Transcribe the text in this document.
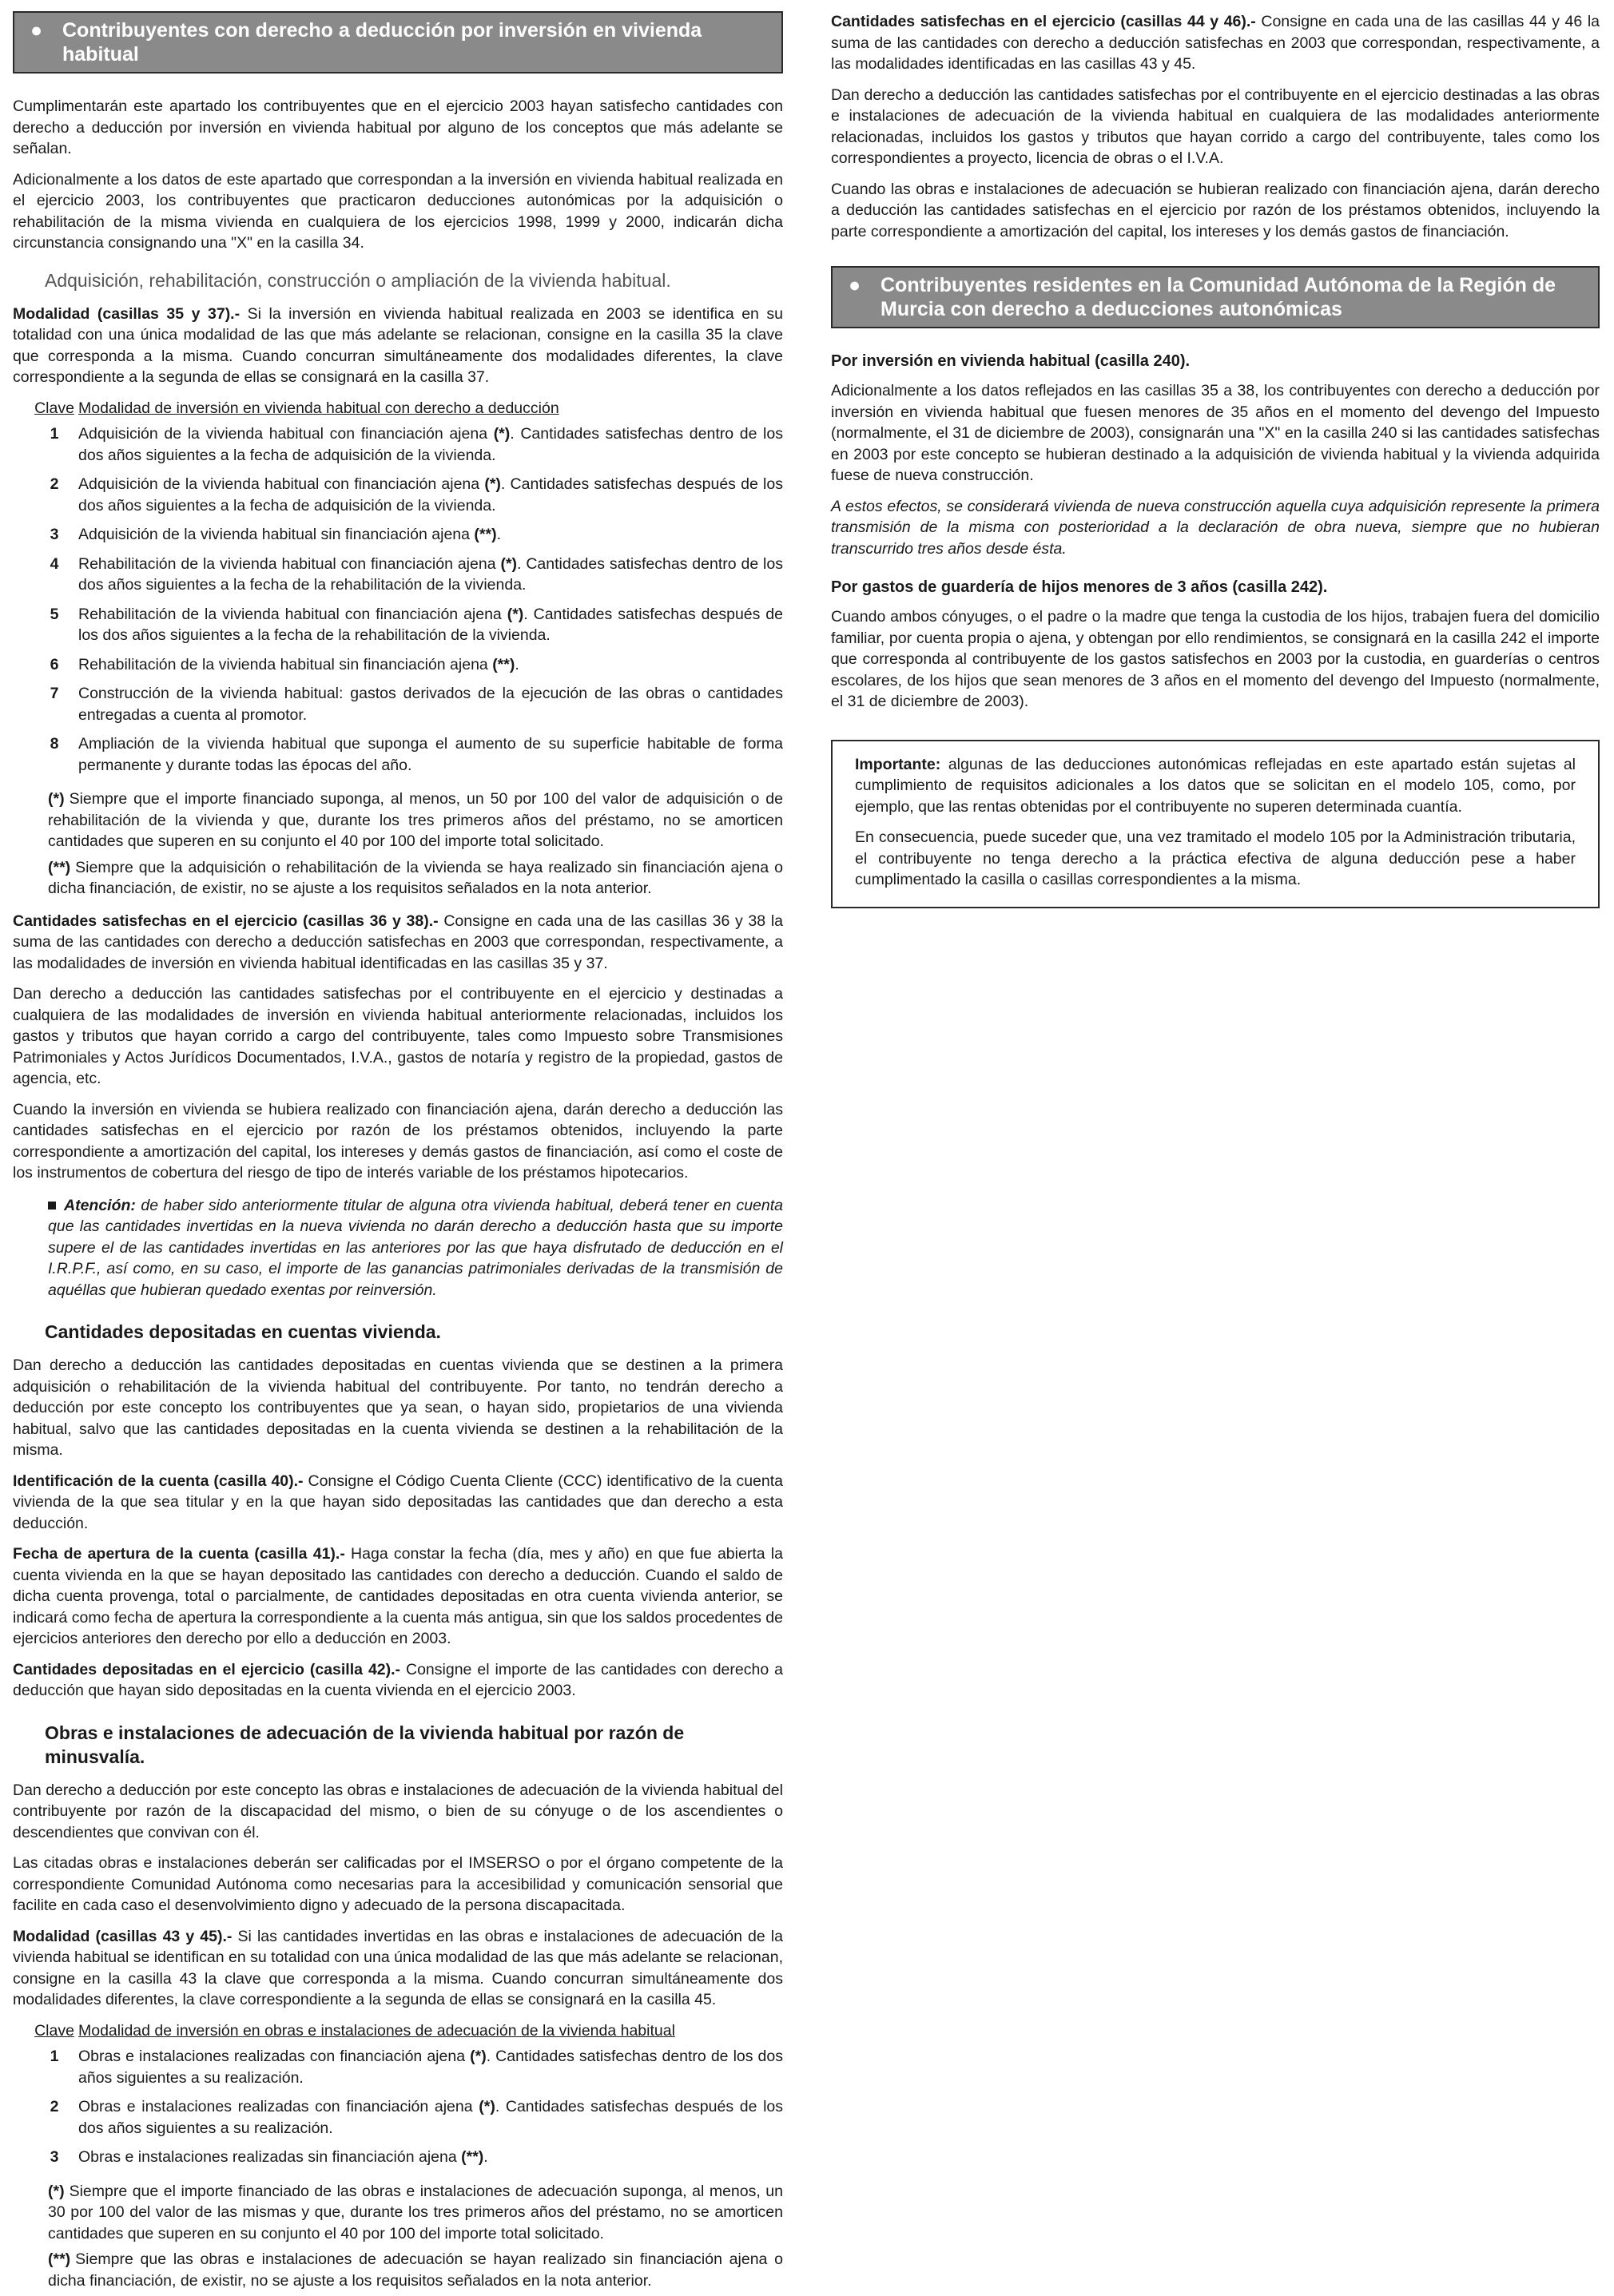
● Contribuyentes con derecho a deducción por inversión en vivienda habitual

Cumplimentarán este apartado los contribuyentes que en el ejercicio 2003 hayan satisfecho cantidades con derecho a deducción por inversión en vivienda habitual por alguno de los conceptos que más adelante se señalan.

Adicionalmente a los datos de este apartado que correspondan a la inversión en vivienda habitual realizada en el ejercicio 2003, los contribuyentes que practicaron deducciones autonómicas por la adquisición o rehabilitación de la misma vivienda en cualquiera de los ejercicios 1998, 1999 y 2000, indicarán dicha circunstancia consignando una "X" en la casilla 34.

Adquisición, rehabilitación, construcción o ampliación de la vivienda habitual.

Modalidad (casillas 35 y 37).- Si la inversión en vivienda habitual realizada en 2003 se identifica en su totalidad con una única modalidad de las que más adelante se relacionan, consigne en la casilla 35 la clave que corresponda a la misma. Cuando concurran simultáneamente dos modalidades diferentes, la clave correspondiente a la segunda de ellas se consignará en la casilla 37.

Clave	Modalidad de inversión en vivienda habitual con derecho a deducción
1	Adquisición de la vivienda habitual con financiación ajena (*). Cantidades satisfechas dentro de los dos años siguientes a la fecha de adquisición de la vivienda.
2	Adquisición de la vivienda habitual con financiación ajena (*). Cantidades satisfechas después de los dos años siguientes a la fecha de adquisición de la vivienda.
3	Adquisición de la vivienda habitual sin financiación ajena (**).
4	Rehabilitación de la vivienda habitual con financiación ajena (*). Cantidades satisfechas dentro de los dos años siguientes a la fecha de la rehabilitación de la vivienda.
5	Rehabilitación de la vivienda habitual con financiación ajena (*). Cantidades satisfechas después de los dos años siguientes a la fecha de la rehabilitación de la vivienda.
6	Rehabilitación de la vivienda habitual sin financiación ajena (**).
7	Construcción de la vivienda habitual: gastos derivados de la ejecución de las obras o cantidades entregadas a cuenta al promotor.
8	Ampliación de la vivienda habitual que suponga el aumento de su superficie habitable de forma permanente y durante todas las épocas del año.

(*) Siempre que el importe financiado suponga, al menos, un 50 por 100 del valor de adquisición o de rehabilitación de la vivienda y que, durante los tres primeros años del préstamo, no se amorticen cantidades que superen en su conjunto el 40 por 100 del importe total solicitado.

(**) Siempre que la adquisición o rehabilitación de la vivienda se haya realizado sin financiación ajena o dicha financiación, de existir, no se ajuste a los requisitos señalados en la nota anterior.

Cantidades satisfechas en el ejercicio (casillas 36 y 38).- Consigne en cada una de las casillas 36 y 38 la suma de las cantidades con derecho a deducción satisfechas en 2003 que correspondan, respectivamente, a las modalidades de inversión en vivienda habitual identificadas en las casillas 35 y 37.

Dan derecho a deducción las cantidades satisfechas por el contribuyente en el ejercicio y destinadas a cualquiera de las modalidades de inversión en vivienda habitual anteriormente relacionadas, incluidos los gastos y tributos que hayan corrido a cargo del contribuyente, tales como Impuesto sobre Transmisiones Patrimoniales y Actos Jurídicos Documentados, I.V.A., gastos de notaría y registro de la propiedad, gastos de agencia, etc.

Cuando la inversión en vivienda se hubiera realizado con financiación ajena, darán derecho a deducción las cantidades satisfechas en el ejercicio por razón de los préstamos obtenidos, incluyendo la parte correspondiente a amortización del capital, los intereses y demás gastos de financiación, así como el coste de los instrumentos de cobertura del riesgo de tipo de interés variable de los préstamos hipotecarios.

Atención: de haber sido anteriormente titular de alguna otra vivienda habitual, deberá tener en cuenta que las cantidades invertidas en la nueva vivienda no darán derecho a deducción hasta que su importe supere el de las cantidades invertidas en las anteriores por las que haya disfrutado de deducción en el I.R.P.F., así como, en su caso, el importe de las ganancias patrimoniales derivadas de la transmisión de aquéllas que hubieran quedado exentas por reinversión.

Cantidades depositadas en cuentas vivienda.

Dan derecho a deducción las cantidades depositadas en cuentas vivienda que se destinen a la primera adquisición o rehabilitación de la vivienda habitual del contribuyente. Por tanto, no tendrán derecho a deducción por este concepto los contribuyentes que ya sean, o hayan sido, propietarios de una vivienda habitual, salvo que las cantidades depositadas en la cuenta vivienda se destinen a la rehabilitación de la misma.

Identificación de la cuenta (casilla 40).- Consigne el Código Cuenta Cliente (CCC) identificativo de la cuenta vivienda de la que sea titular y en la que hayan sido depositadas las cantidades que dan derecho a esta deducción.

Fecha de apertura de la cuenta (casilla 41).- Haga constar la fecha (día, mes y año) en que fue abierta la cuenta vivienda en la que se hayan depositado las cantidades con derecho a deducción. Cuando el saldo de dicha cuenta provenga, total o parcialmente, de cantidades depositadas en otra cuenta vivienda anterior, se indicará como fecha de apertura la correspondiente a la cuenta más antigua, sin que los saldos procedentes de ejercicios anteriores den derecho por ello a deducción en 2003.

Cantidades depositadas en el ejercicio (casilla 42).- Consigne el importe de las cantidades con derecho a deducción que hayan sido depositadas en la cuenta vivienda en el ejercicio 2003.

Obras e instalaciones de adecuación de la vivienda habitual por razón de minusvalía.

Dan derecho a deducción por este concepto las obras e instalaciones de adecuación de la vivienda habitual del contribuyente por razón de la discapacidad del mismo, o bien de su cónyuge o de los ascendientes o descendientes que convivan con él.

Las citadas obras e instalaciones deberán ser calificadas por el IMSERSO o por el órgano competente de la correspondiente Comunidad Autónoma como necesarias para la accesibilidad y comunicación sensorial que facilite en cada caso el desenvolvimiento digno y adecuado de la persona discapacitada.

Modalidad (casillas 43 y 45).- Si las cantidades invertidas en las obras e instalaciones de adecuación de la vivienda habitual se identifican en su totalidad con una única modalidad de las que más adelante se relacionan, consigne en la casilla 43 la clave que corresponda a la misma. Cuando concurran simultáneamente dos modalidades diferentes, la clave correspondiente a la segunda de ellas se consignará en la casilla 45.

Clave	Modalidad de inversión en obras e instalaciones de adecuación de la vivienda habitual
1	Obras e instalaciones realizadas con financiación ajena (*). Cantidades satisfechas dentro de los dos años siguientes a su realización.
2	Obras e instalaciones realizadas con financiación ajena (*). Cantidades satisfechas después de los dos años siguientes a su realización.
3	Obras e instalaciones realizadas sin financiación ajena (**).

(*) Siempre que el importe financiado de las obras e instalaciones de adecuación suponga, al menos, un 30 por 100 del valor de las mismas y que, durante los tres primeros años del préstamo, no se amorticen cantidades que superen en su conjunto el 40 por 100 del importe total solicitado.

(**) Siempre que las obras e instalaciones de adecuación se hayan realizado sin financiación ajena o dicha financiación, de existir, no se ajuste a los requisitos señalados en la nota anterior.

Cantidades satisfechas en el ejercicio (casillas 44 y 46).- Consigne en cada una de las casillas 44 y 46 la suma de las cantidades con derecho a deducción satisfechas en 2003 que correspondan, respectivamente, a las modalidades identificadas en las casillas 43 y 45.

Dan derecho a deducción las cantidades satisfechas por el contribuyente en el ejercicio destinadas a las obras e instalaciones de adecuación de la vivienda habitual en cualquiera de las modalidades anteriormente relacionadas, incluidos los gastos y tributos que hayan corrido a cargo del contribuyente, tales como los correspondientes a proyecto, licencia de obras o el I.V.A.

Cuando las obras e instalaciones de adecuación se hubieran realizado con financiación ajena, darán derecho a deducción las cantidades satisfechas en el ejercicio por razón de los préstamos obtenidos, incluyendo la parte correspondiente a amortización del capital, los intereses y los demás gastos de financiación.

● Contribuyentes residentes en la Comunidad Autónoma de la Región de Murcia con derecho a deducciones autonómicas
Por inversión en vivienda habitual (casilla 240).

Adicionalmente a los datos reflejados en las casillas 35 a 38, los contribuyentes con derecho a deducción por inversión en vivienda habitual que fuesen menores de 35 años en el momento del devengo del Impuesto (normalmente, el 31 de diciembre de 2003), consignarán una "X" en la casilla 240 si las cantidades satisfechas en 2003 por este concepto se hubieran destinado a la adquisición de vivienda habitual y la vivienda adquirida fuese de nueva construcción.

A estos efectos, se considerará vivienda de nueva construcción aquella cuya adquisición represente la primera transmisión de la misma con posterioridad a la declaración de obra nueva, siempre que no hubieran transcurrido tres años desde ésta.

Por gastos de guardería de hijos menores de 3 años (casilla 242).

Cuando ambos cónyuges, o el padre o la madre que tenga la custodia de los hijos, trabajen fuera del domicilio familiar, por cuenta propia o ajena, y obtengan por ello rendimientos, se consignará en la casilla 242 el importe que corresponda al contribuyente de los gastos satisfechos en 2003 por la custodia, en guarderías o centros escolares, de los hijos que sean menores de 3 años en el momento del devengo del Impuesto (normalmente, el 31 de diciembre de 2003).

Importante: algunas de las deducciones autonómicas reflejadas en este apartado están sujetas al cumplimiento de requisitos adicionales a los datos que se solicitan en el modelo 105, como, por ejemplo, que las rentas obtenidas por el contribuyente no superen determinada cuantía.

En consecuencia, puede suceder que, una vez tramitado el modelo 105 por la Administración tributaria, el contribuyente no tenga derecho a la práctica efectiva de alguna deducción pese a haber cumplimentado la casilla o casillas correspondientes a la misma.
